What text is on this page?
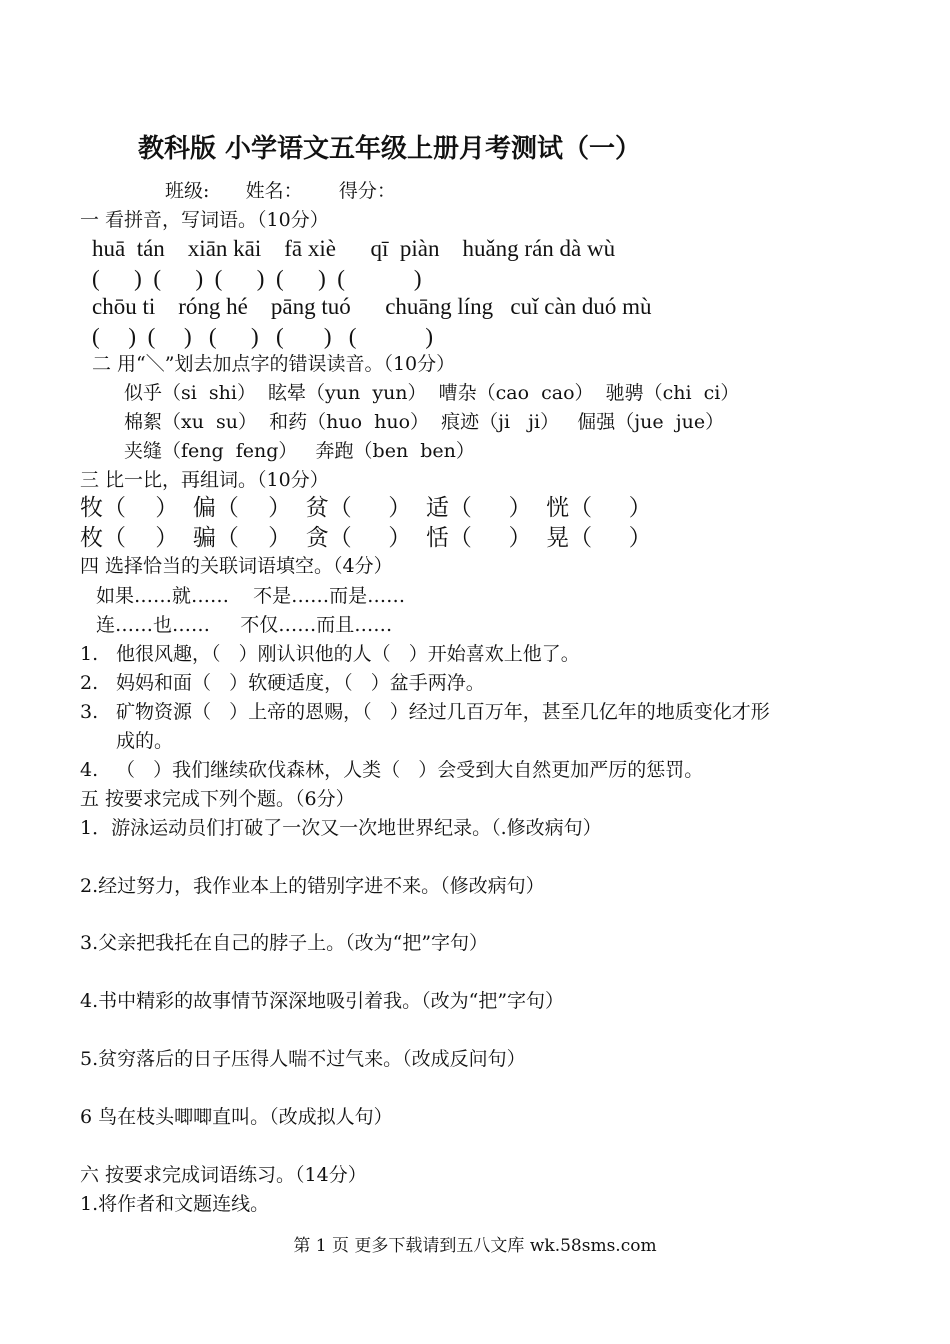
教科版 小学语文五年级上册月考测试（一）
班级:      姓名：      得分：
一 看拼音，写词语。（10分）
huā  tán    xiān kāi    fā xiè      qī  piàn    huǎng rán dà wù
(      )  (      )  (      )  (      )  (            )
chōu ti    róng hé    pāng tuó      chuāng líng   cuǐ càn duó mù
(     )  (     )   (      )   (       )   (            )
二 用“＼”划去加点字的错误读音。（10分）
似乎（si  shi）  眩晕（yun  yun）  嘈杂（cao  cao）  驰骋（chi  ci）
棉絮（xu  su）  和药（huo  huo）  痕迹（ji   ji）   倔强（jue  jue）
夹缝（feng  feng）   奔跑（ben  ben）
三 比一比，再组词。（10分）
牧（    ）  偏（    ）  贫（     ）  适（     ）  恍（     ）
枚（    ）  骗（    ）  贪（     ）  恬（     ）  晃（     ）
四 选择恰当的关联词语填空。（4分）
如果……就……    不是……而是……
连……也……     不仅……而且……
1. 他很风趣，（   ）刚认识他的人（   ）开始喜欢上他了。
2. 妈妈和面（   ）软硬适度，（   ）盆手两净。
3. 矿物资源（   ）上帝的恩赐，（   ）经过几百万年，甚至几亿年的地质变化才形
成的。
4. （   ）我们继续砍伐森林，人类（   ）会受到大自然更加严厉的惩罚。
五 按要求完成下列个题。（6分）
1．游泳运动员们打破了一次又一次地世界纪录。（.修改病句）
2.经过努力，我作业本上的错别字进不来。（修改病句）
3.父亲把我托在自己的脖子上。（改为“把”字句）
4.书中精彩的故事情节深深地吸引着我。（改为“把”字句）
5.贫穷落后的日子压得人喘不过气来。（改成反问句）
6 鸟在枝头唧唧直叫。（改成拟人句）
六 按要求完成词语练习。（14分）
1.将作者和文题连线。
第 1 页 更多下载请到五八文库 wk.58sms.com
